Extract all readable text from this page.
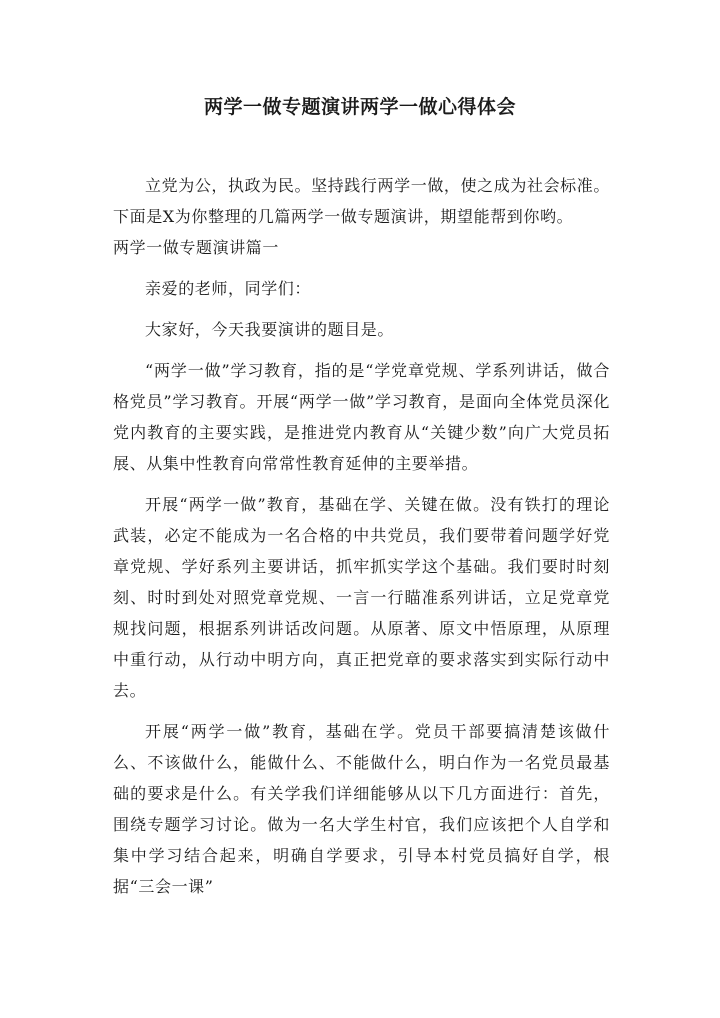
两学一做专题演讲两学一做心得体会

立党为公，执政为民。坚持践行两学一做，使之成为社会标准。下面是X为你整理的几篇两学一做专题演讲，期望能帮到你哟。

两学一做专题演讲篇一

亲爱的老师，同学们：

大家好，今天我要演讲的题目是。

“两学一做”学习教育，指的是“学党章党规、学系列讲话，做合格党员”学习教育。开展“两学一做”学习教育，是面向全体党员深化党内教育的主要实践，是推进党内教育从“关键少数”向广大党员拓展、从集中性教育向常常性教育延伸的主要举措。

开展“两学一做”教育，基础在学、关键在做。没有铁打的理论武装，必定不能成为一名合格的中共党员，我们要带着问题学好党章党规、学好系列主要讲话，抓牢抓实学这个基础。我们要时时刻刻、时时到处对照党章党规、一言一行瞄准系列讲话，立足党章党规找问题，根据系列讲话改问题。从原著、原文中悟原理，从原理中重行动，从行动中明方向，真正把党章的要求落实到实际行动中去。

开展“两学一做”教育，基础在学。党员干部要搞清楚该做什么、不该做什么，能做什么、不能做什么，明白作为一名党员最基础的要求是什么。有关学我们详细能够从以下几方面进行：首先，围绕专题学习讨论。做为一名大学生村官，我们应该把个人自学和集中学习结合起来，明确自学要求，引导本村党员搞好自学，根据“三会一课”
